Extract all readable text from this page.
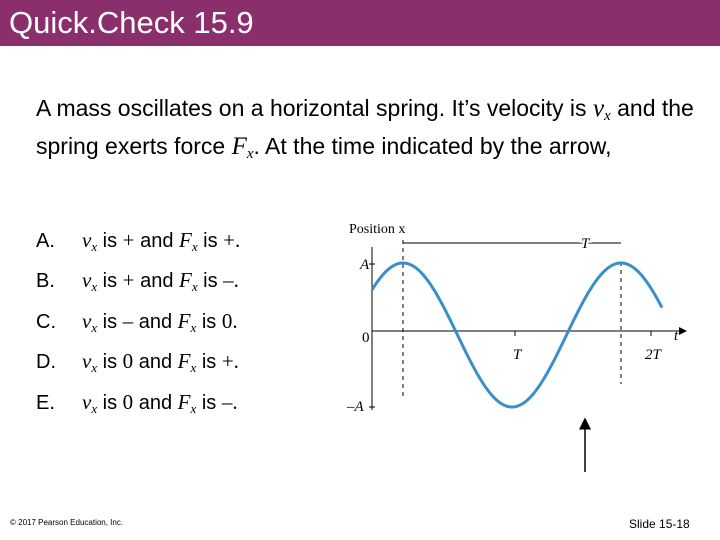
Quick.Check 15.9
A mass oscillates on a horizontal spring. It’s velocity is $v_x$ and the spring exerts force $F_x$. At the time indicated by the arrow,
A. $v_x$ is + and $F_x$ is +.
B. $v_x$ is + and $F_x$ is –.
C. $v_x$ is – and $F_x$ is 0.
D. $v_x$ is 0 and $F_x$ is +.
E. $v_x$ is 0 and $F_x$ is –.
Position x
t
A
0
–A
T
T	2T
© 2017 Pearson Education, Inc.	Slide 15-18
